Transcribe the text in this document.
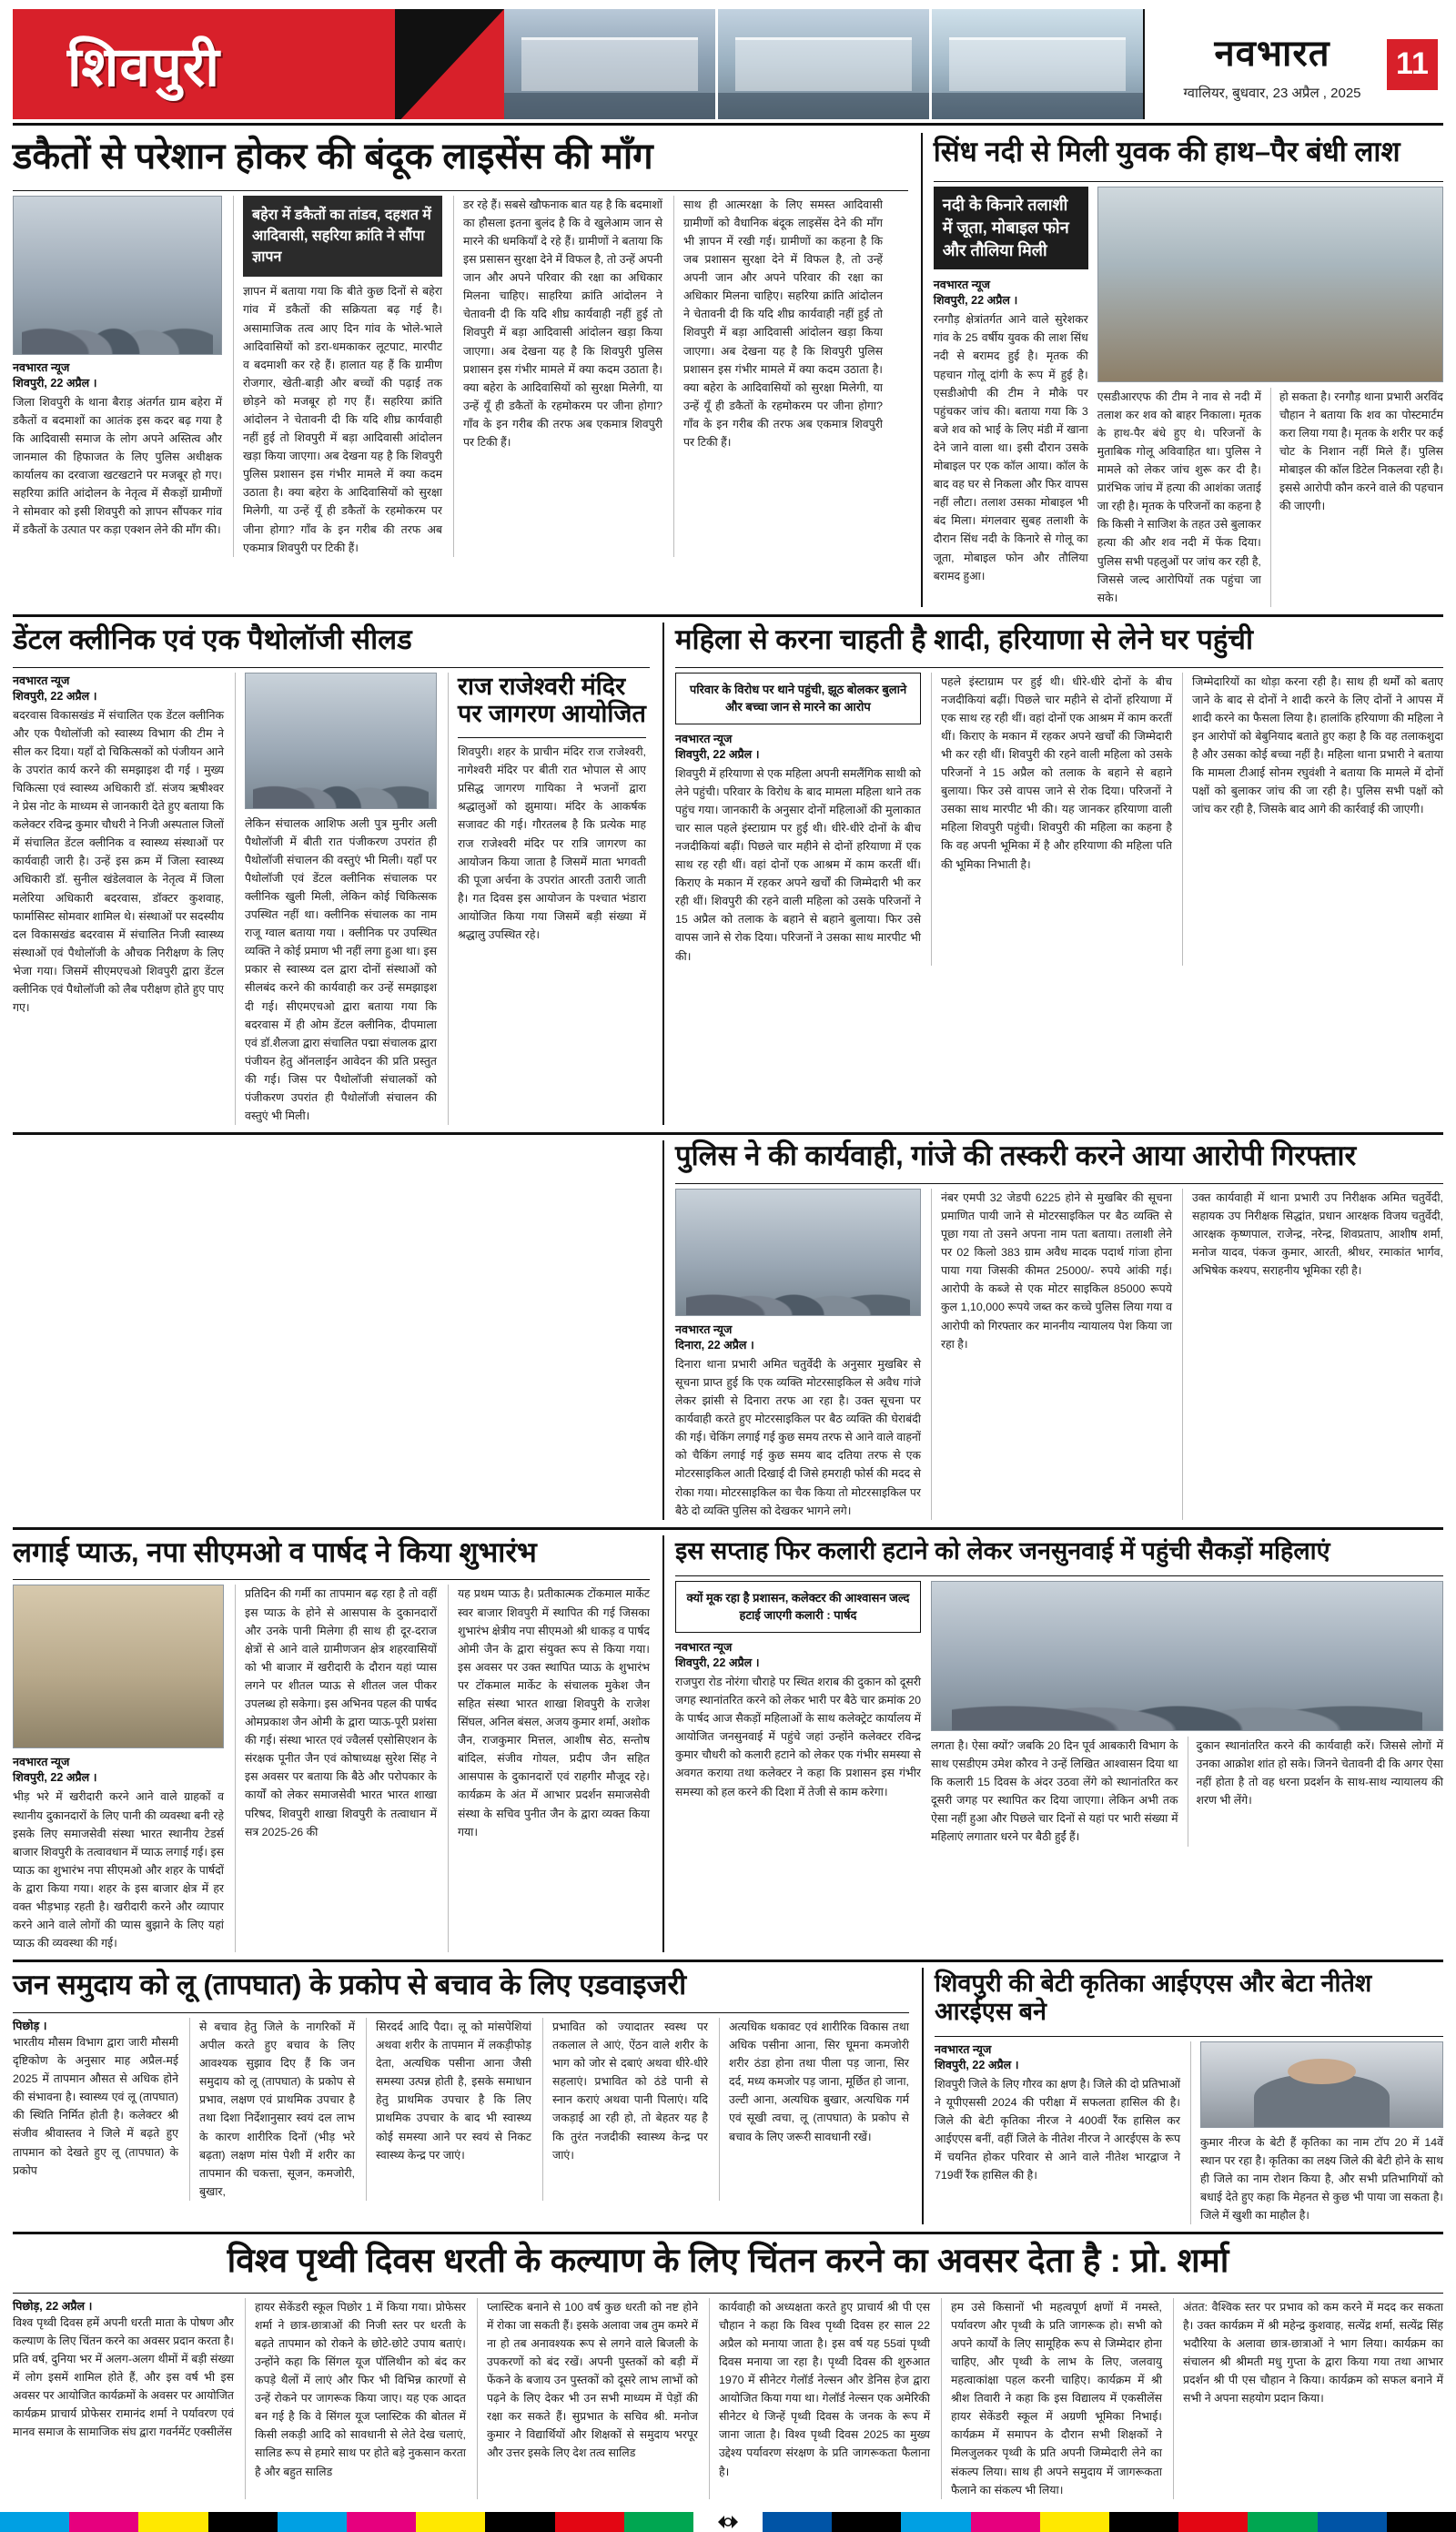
शिवपुरी	नवभारत
ग्वालियर, बुधवार, 23 अप्रैल , 2025
11
डकैतों से परेशान होकर की बंदूक लाइसेंस की माँग
नवभारत न्यूज
शिवपुरी, 22 अप्रैल ।
जिला शिवपुरी के थाना बैराड़ अंतर्गत ग्राम बहेरा में डकैतों व बदमाशों का आतंक इस कदर बढ़ गया है कि आदिवासी समाज के लोग अपने अस्तित्व और जानमाल की हिफाजत के लिए पुलिस अधीक्षक कार्यालय का दरवाजा खटखटाने पर मजबूर हो गए। सहरिया क्रांति आंदोलन के नेतृत्व में सैकड़ों ग्रामीणों ने सोमवार को इसी शिवपुरी को ज्ञापन सौंपकर गांव में डकैतों के उत्पात पर कड़ा एक्शन लेने की माँग की।
बहेरा में डकैतों का तांडव, दहशत में आदिवासी, सहरिया क्रांति ने सौंपा ज्ञापन
ज्ञापन में बताया गया कि बीते कुछ दिनों से बहेरा गांव में डकैतों की सक्रियता बढ़ गई है। असामाजिक तत्व आए दिन गांव के भोले-भाले आदिवासियों को डरा-धमकाकर लूटपाट, मारपीट व बदमाशी कर रहे हैं। हालात यह हैं कि ग्रामीण रोजगार, खेती-बाड़ी और बच्चों की पढ़ाई तक छोड़ने को मजबूर हो गए हैं। सहरिया क्रांति आंदोलन ने चेतावनी दी कि यदि शीघ्र कार्यवाही नहीं हुई तो शिवपुरी में बड़ा आदिवासी आंदोलन खड़ा किया जाएगा। अब देखना यह है कि शिवपुरी पुलिस प्रशासन इस गंभीर मामले में क्या कदम उठाता है। क्या बहेरा के आदिवासियों को सुरक्षा मिलेगी, या उन्हें यूँ ही डकैतों के रहमोकरम पर जीना होगा? गाँव के इन गरीब की तरफ अब एकमात्र शिवपुरी पर टिकी हैं।
डर रहे हैं। सबसे खौफनाक बात यह है कि बदमाशों का हौसला इतना बुलंद है कि वे खुलेआम जान से मारने की धमकियाँ दे रहे हैं। ग्रामीणों ने बताया कि इस प्रसासन सुरक्षा देने में विफल है, तो उन्हें अपनी जान और अपने परिवार की रक्षा का अधिकार मिलना चाहिए। साहरिया क्रांति आंदोलन ने चेतावनी दी कि यदि शीघ्र कार्यवाही नहीं हुई तो शिवपुरी में बड़ा आदिवासी आंदोलन खड़ा किया जाएगा। अब देखना यह है कि शिवपुरी पुलिस प्रशासन इस गंभीर मामले में क्या कदम उठाता है। क्या बहेरा के आदिवासियों को सुरक्षा मिलेगी, या उन्हें यूँ ही डकैतों के रहमोकरम पर जीना होगा? गाँव के इन गरीब की तरफ अब एकमात्र शिवपुरी पर टिकी हैं।
साथ ही आत्मरक्षा के लिए समस्त आदिवासी ग्रामीणों को वैधानिक बंदूक लाइसेंस देने की माँग भी ज्ञापन में रखी गई। ग्रामीणों का कहना है कि जब प्रशासन सुरक्षा देने में विफल है, तो उन्हें अपनी जान और अपने परिवार की रक्षा का अधिकार मिलना चाहिए। सहरिया क्रांति आंदोलन ने चेतावनी दी कि यदि शीघ्र कार्यवाही नहीं हुई तो शिवपुरी में बड़ा आदिवासी आंदोलन खड़ा किया जाएगा। अब देखना यह है कि शिवपुरी पुलिस प्रशासन इस गंभीर मामले में क्या कदम उठाता है। क्या बहेरा के आदिवासियों को सुरक्षा मिलेगी, या उन्हें यूँ ही डकैतों के रहमोकरम पर जीना होगा? गाँव के इन गरीब की तरफ अब एकमात्र शिवपुरी पर टिकी हैं।
सिंध नदी से मिली युवक की हाथ–पैर बंधी लाश
नदी के किनारे तलाशी में जूता, मोबाइल फोन और तौलिया मिली
नवभारत न्यूज
शिवपुरी, 22 अप्रैल ।
रनगौड़ क्षेत्रांतर्गत आने वाले सुरेशकर गांव के 25 वर्षीय युवक की लाश सिंध नदी से बरामद हुई है। मृतक की पहचान गोलू दांगी के रूप में हुई है। एसडीओपी की टीम ने मौके पर पहुंचकर जांच की। बताया गया कि 3 बजे शव को भाई के लिए मंडी में खाना देने जाने वाला था। इसी दौरान उसके मोबाइल पर एक कॉल आया। कॉल के बाद वह घर से निकला और फिर वापस नहीं लौटा। तलाश उसका मोबाइल भी बंद मिला। मंगलवार सुबह तलाशी के दौरान सिंध नदी के किनारे से गोलू का जूता, मोबाइल फोन और तौलिया बरामद हुआ।
एसडीआरएफ की टीम ने नाव से नदी में तलाश कर शव को बाहर निकाला। मृतक के हाथ-पैर बंधे हुए थे। परिजनों के मुताबिक गोलू अविवाहित था। पुलिस ने मामले को लेकर जांच शुरू कर दी है। प्रारंभिक जांच में हत्या की आशंका जताई जा रही है। मृतक के परिजनों का कहना है कि किसी ने साजिश के तहत उसे बुलाकर हत्या की और शव नदी में फेंक दिया। पुलिस सभी पहलुओं पर जांच कर रही है, जिससे जल्द आरोपियों तक पहुंचा जा सके।
हो सकता है। रनगौड़ थाना प्रभारी अरविंद चौहान ने बताया कि शव का पोस्टमार्टम करा लिया गया है। मृतक के शरीर पर कई चोट के निशान नहीं मिले हैं। पुलिस मोबाइल की कॉल डिटेल निकलवा रही है। इससे आरोपी कौन करने वाले की पहचान की जाएगी।
डेंटल क्लीनिक एवं एक पैथोलॉजी सीलड
नवभारत न्यूज
शिवपुरी, 22 अप्रैल ।
बदरवास विकासखंड में संचालित एक डेंटल क्लीनिक और एक पैथोलॉजी को स्वास्थ्य विभाग की टीम ने सील कर दिया। यहाँ दो चिकित्सकों को पंजीयन आने के उपरांत कार्य करने की समझाइश दी गई । मुख्य चिकित्सा एवं स्वास्थ्य अधिकारी डॉ. संजय ऋषीश्वर ने प्रेस नोट के माध्यम से जानकारी देते हुए बताया कि कलेक्टर रविन्द्र कुमार चौधरी ने निजी अस्पताल जिलों में संचालित डेंटल क्लीनिक व स्वास्थ्य संस्थाओं पर कार्यवाही जारी है। उन्हें इस क्रम में जिला स्वास्थ्य अधिकारी डॉ. सुनील खंडेलवाल के नेतृत्व में जिला मलेरिया अधिकारी बदरवास, डॉक्टर कुशवाह, फार्मासिस्ट सोमवार शामिल थे। संस्थाओं पर सदस्यीय दल विकासखंड बदरवास में संचालित निजी स्वास्थ्य संस्थाओं एवं पैथोलॉजी के औचक निरीक्षण के लिए भेजा गया। जिसमें सीएमएचओ शिवपुरी द्वारा डेंटल क्लीनिक एवं पैथोलॉजी को लैब परीक्षण होते हुए पाए गए।
लेकिन संचालक आशिफ अली पुत्र मुनीर अली पैथोलॉजी में बीती रात पंजीकरण उपरांत ही पैथोलॉजी संचालन की वस्तुएं भी मिली। यहाँ पर पैथोलॉजी एवं डेंटल क्लीनिक संचालक पर क्लीनिक खुली मिली, लेकिन कोई चिकित्सक उपस्थित नहीं था। क्लीनिक संचालक का नाम राजू ग्वाल बताया गया । क्लीनिक पर उपस्थित व्यक्ति ने कोई प्रमाण भी नहीं लगा हुआ था। इस प्रकार से स्वास्थ्य दल द्वारा दोनों संस्थाओं को सीलबंद करने की कार्यवाही कर उन्हें समझाइश दी गई। सीएमएचओ द्वारा बताया गया कि बदरवास में ही ओम डेंटल क्लीनिक, दीपमाला एवं डॉ.शैलजा द्वारा संचालित पद्मा संचालक द्वारा पंजीयन हेतु ऑनलाईन आवेदन की प्रति प्रस्तुत की गई। जिस पर पैथोलॉजी संचालकों को पंजीकरण उपरांत ही पैथोलॉजी संचालन की वस्तुएं भी मिली।
राज राजेश्वरी मंदिर पर जागरण आयोजित
शिवपुरी। शहर के प्राचीन मंदिर राज राजेश्वरी, नागेश्वरी मंदिर पर बीती रात भोपाल से आए प्रसिद्ध जागरण गायिका ने भजनों द्वारा श्रद्धालुओं को झुमाया। मंदिर के आकर्षक सजावट की गई। गौरतलब है कि प्रत्येक माह राज राजेश्वरी मंदिर पर रात्रि जागरण का आयोजन किया जाता है जिसमें माता भगवती की पूजा अर्चना के उपरांत आरती उतारी जाती है। गत दिवस इस आयोजन के पश्चात भंडारा आयोजित किया गया जिसमें बड़ी संख्या में श्रद्धालु उपस्थित रहे।
महिला से करना चाहती है शादी, हरियाणा से लेने घर पहुंची
परिवार के विरोध पर थाने पहुंची, झूठ बोलकर बुलाने और बच्चा जान से मारने का आरोप
नवभारत न्यूज
शिवपुरी, 22 अप्रैल ।
शिवपुरी में हरियाणा से एक महिला अपनी समलैंगिक साथी को लेने पहुंची। परिवार के विरोध के बाद मामला महिला थाने तक पहुंच गया। जानकारी के अनुसार दोनों महिलाओं की मुलाकात चार साल पहले इंस्टाग्राम पर हुई थी। धीरे-धीरे दोनों के बीच नजदीकियां बढ़ीं। पिछले चार महीने से दोनों हरियाणा में एक साथ रह रही थीं। वहां दोनों एक आश्रम में काम करतीं थीं। किराए के मकान में रहकर अपने खर्चों की जिम्मेदारी भी कर रही थीं। शिवपुरी की रहने वाली महिला को उसके परिजनों ने 15 अप्रैल को तलाक के बहाने से बहाने बुलाया। फिर उसे वापस जाने से रोक दिया। परिजनों ने उसका साथ मारपीट भी की।
पहले इंस्टाग्राम पर हुई थी। धीरे-धीरे दोनों के बीच नजदीकियां बढ़ीं। पिछले चार महीने से दोनों हरियाणा में एक साथ रह रही थीं। वहां दोनों एक आश्रम में काम करतीं थीं। किराए के मकान में रहकर अपने खर्चों की जिम्मेदारी भी कर रही थीं। शिवपुरी की रहने वाली महिला को उसके परिजनों ने 15 अप्रैल को तलाक के बहाने से बहाने बुलाया। फिर उसे वापस जाने से रोक दिया। परिजनों ने उसका साथ मारपीट भी की। यह जानकर हरियाणा वाली महिला शिवपुरी पहुंची। शिवपुरी की महिला का कहना है कि वह अपनी भूमिका में है और हरियाणा की महिला पति की भूमिका निभाती है।
जिम्मेदारियों का थोड़ा करना रही है। साथ ही थर्मों को बताए जाने के बाद से दोनों ने शादी करने के लिए दोनों ने आपस में शादी करने का फैसला लिया है। हालांकि हरियाणा की महिला ने इन आरोपों को बेबुनियाद बताते हुए कहा है कि वह तलाकशुदा है और उसका कोई बच्चा नहीं है। महिला थाना प्रभारी ने बताया कि मामला टीआई सोनम रघुवंशी ने बताया कि मामले में दोनों पक्षों को बुलाकर जांच की जा रही है। पुलिस सभी पक्षों को जांच कर रही है, जिसके बाद आगे की कार्रवाई की जाएगी।
पुलिस ने की कार्यवाही, गांजे की तस्करी करने आया आरोपी गिरफ्तार
नवभारत न्यूज
दिनारा, 22 अप्रैल ।
दिनारा थाना प्रभारी अमित चतुर्वेदी के अनुसार मुखबिर से सूचना प्राप्त हुई कि एक व्यक्ति मोटरसाइकिल से अवैध गांजे लेकर झांसी से दिनारा तरफ आ रहा है। उक्त सूचना पर कार्यवाही करते हुए मोटरसाइकिल पर बैठ व्यक्ति की घेराबंदी की गई। चेकिंग लगाई गई कुछ समय तरफ से आने वाले वाहनों को चैकिंग लगाई गई कुछ समय बाद दतिया तरफ से एक मोटरसाइकिल आती दिखाई दी जिसे हमराही फोर्स की मदद से रोका गया। मोटरसाइकिल का चैक किया तो मोटरसाइकिल पर बैठे दो व्यक्ति पुलिस को देखकर भागने लगे।
नंबर एमपी 32 जेडपी 6225 होने से मुखबिर की सूचना प्रमाणित पायी जाने से मोटरसाइकिल पर बैठ व्यक्ति से पूछा गया तो उसने अपना नाम पता बताया। तलाशी लेने पर 02 किलो 383 ग्राम अवैध मादक पदार्थ गांजा होना पाया गया जिसकी कीमत 25000/- रुपये आंकी गई। आरोपी के कब्जे से एक मोटर साइकिल 85000 रूपये कुल 1,10,000 रूपये जब्त कर कच्चे पुलिस लिया गया व आरोपी को गिरफ्तार कर माननीय न्यायालय पेश किया जा रहा है।
उक्त कार्यवाही में थाना प्रभारी उप निरीक्षक अमित चतुर्वेदी, सहायक उप निरीक्षक सिद्धांत, प्रधान आरक्षक विजय चतुर्वेदी, आरक्षक कृष्णपाल, राजेन्द्र, नरेन्द्र, शिवप्रताप, आशीष शर्मा, मनोज यादव, पंकज कुमार, आरती, श्रीधर, रमाकांत भार्गव, अभिषेक कश्यप, सराहनीय भूमिका रही है।
लगाई प्याऊ, नपा सीएमओ व पार्षद ने किया शुभारंभ
नवभारत न्यूज
शिवपुरी, 22 अप्रैल ।
भीड़ भरे में खरीदारी करने आने वाले ग्राहकों व स्थानीय दुकानदारों के लिए पानी की व्यवस्था बनी रहे इसके लिए समाजसेवी संस्था भारत स्थानीय टेडर्स बाजार शिवपुरी के तत्वावधान में प्याऊ लगाई गई। इस प्याऊ का शुभारंभ नपा सीएमओ और शहर के पार्षदों के द्वारा किया गया। शहर के इस बाजार क्षेत्र में हर वक्त भीड़भाड़ रहती है। खरीदारी करने और व्यापार करने आने वाले लोगों की प्यास बुझाने के लिए यहां प्याऊ की व्यवस्था की गई।
प्रतिदिन की गर्मी का तापमान बढ़ रहा है तो वहीं इस प्याऊ के होने से आसपास के दुकानदारों और उनके पानी मिलेगा ही साथ ही दूर-दराज क्षेत्रों से आने वाले ग्रामीणजन क्षेत्र शहरवासियों को भी बाजार में खरीदारी के दौरान यहां प्यास लगने पर शीतल प्याऊ से शीतल जल पीकर उपलब्ध हो सकेगा। इस अभिनव पहल की पार्षद ओमप्रकाश जैन ओमी के द्वारा प्याऊ-पूरी प्रशंसा की गई। संस्था भारत एवं ज्वैलर्स एसोसिएशन के संरक्षक पूनीत जैन एवं कोषाध्यक्ष सुरेश सिंह ने इस अवसर पर बताया कि बैठे और परोपकार के कार्यों को लेकर समाजसेवी भारत भारत शाखा परिषद, शिवपुरी शाखा शिवपुरी के तत्वाधान में सत्र 2025-26 की
यह प्रथम प्याऊ है। प्रतीकात्मक टोंकमाल मार्केट स्वर बाजार शिवपुरी में स्थापित की गई जिसका शुभारंभ क्षेत्रीय नपा सीएमओ श्री धाकड़ व पार्षद ओमी जैन के द्वारा संयुक्त रूप से किया गया। इस अवसर पर उक्त स्थापित प्याऊ के शुभारंभ पर टोंकमाल मार्केट के संचालक मुकेश जैन सहित संस्था भारत शाखा शिवपुरी के राजेश सिंघल, अनिल बंसल, अजय कुमार शर्मा, अशोक जैन, राजकुमार मित्तल, आशीष सेठ, सन्तोष बांदिल, संजीव गोयल, प्रदीप जैन सहित आसपास के दुकानदारों एवं राहगीर मौजूद रहे। कार्यक्रम के अंत में आभार प्रदर्शन समाजसेवी संस्था के सचिव पुनीत जैन के द्वारा व्यक्त किया गया।
इस सप्ताह फिर कलारी हटाने को लेकर जनसुनवाई में पहुंची सैकड़ों महिलाएं
क्यों मूक रहा है प्रशासन, कलेक्टर की आश्वासन जल्द हटाई जाएगी कलारी : पार्षद
नवभारत न्यूज
शिवपुरी, 22 अप्रैल ।
राजपुरा रोड नोरंगा चौराहे पर स्थित शराब की दुकान को दूसरी जगह स्थानांतरित करने को लेकर भारी पर बैठे चार क्रमांक 20 के पार्षद आज सैकड़ों महिलाओं के साथ कलेक्ट्रेट कार्यालय में आयोजित जनसुनवाई में पहुंचे जहां उन्होंने कलेक्टर रविन्द्र कुमार चौधरी को कलारी हटाने को लेकर एक गंभीर समस्या से अवगत कराया तथा कलेक्टर ने कहा कि प्रशासन इस गंभीर समस्या को हल करने की दिशा में तेजी से काम करेगा।
लगता है। ऐसा क्यों? जबकि 20 दिन पूर्व आबकारी विभाग के साथ एसडीएम उमेश कौरव ने उन्हें लिखित आश्वासन दिया था कि कलारी 15 दिवस के अंदर उठवा लेंगे को स्थानांतरित कर दूसरी जगह पर स्थापित कर दिया जाएगा। लेकिन अभी तक ऐसा नहीं हुआ और पिछले चार दिनों से यहां पर भारी संख्या में महिलाएं लगातार धरने पर बैठी हुईं हैं।
दुकान स्थानांतरित करने की कार्यवाही करें। जिससे लोगों में उनका आक्रोश शांत हो सके। जिनने चेतावनी दी कि अगर ऐसा नहीं होता है तो वह धरना प्रदर्शन के साथ-साथ न्यायालय की शरण भी लेंगे।
जन समुदाय को लू (तापघात) के प्रकोप से बचाव के लिए एडवाइजरी
पिछोड़ ।
भारतीय मौसम विभाग द्वारा जारी मौसमी दृष्टिकोण के अनुसार माह अप्रैल-मई 2025 में तापमान औसत से अधिक होने की संभावना है। स्वास्थ्य एवं लू (तापघात) की स्थिति निर्मित होती है। कलेक्टर श्री संजीव श्रीवास्तव ने जिले में बढ़ते हुए तापमान को देखते हुए लू (तापघात) के प्रकोप
से बचाव हेतु जिले के नागरिकों में अपील करते हुए बचाव के लिए आवश्यक सुझाव दिए हैं कि जन समुदाय को लू (तापघात) के प्रकोप से प्रभाव, लक्षण एवं प्राथमिक उपचार है तथा दिशा निर्देशानुसार स्वयं दल लाभ के कारण शारीरिक दिनों (भीड़ भरे बढ़ता) लक्षण मांस पेशी में शरीर का तापमान की चकत्ता, सूजन, कमजोरी, बुखार,
सिरदर्द आदि पैदा। लू को मांसपेशियां अथवा शरीर के तापमान में लकड़ीफोड़ देता, अत्यधिक पसीना आना जैसी समस्या उत्पन्न होती है, इसके समाधान हेतु प्राथमिक उपचार है कि लिए प्राथमिक उपचार के बाद भी स्वास्थ्य कोई समस्या आने पर स्वयं से निकट स्वास्थ्य केन्द्र पर जाएं।
प्रभावित को ज्यादातर स्वस्थ पर तकलाल ले आएं, ऐंठन वाले शरीर के भाग को जोर से दबाएं अथवा धीरे-धीरे सहलाएं। प्रभावित को ठंडे पानी से स्नान कराएं अथवा पानी पिलाएं। यदि जकड़ाई आ रही हो, तो बेहतर यह है कि तुरंत नजदीकी स्वास्थ्य केन्द्र पर जाएं।
अत्यधिक थकावट एवं शारीरिक विकास तथा अधिक पसीना आना, सिर घूमना कमजोरी शरीर ठंडा होना तथा पीला पड़ जाना, सिर दर्द, मध्य कमजोर पड़ जाना, मूर्छित हो जाना, उल्टी आना, अत्यधिक बुखार, अत्यधिक गर्म एवं सूखी त्वचा, लू (तापघात) के प्रकोप से बचाव के लिए जरूरी सावधानी रखें।
शिवपुरी की बेटी कृतिका आईएएस और बेटा नीतेश आरईएस बने
नवभारत न्यूज
शिवपुरी, 22 अप्रैल ।
शिवपुरी जिले के लिए गौरव का क्षण है। जिले की दो प्रतिभाओं ने यूपीएससी 2024 की परीक्षा में सफलता हासिल की है। जिले की बेटी कृतिका नीरज ने 400वीं रैंक हासिल कर आईएएस बनीं, वहीं जिले के नीतेश नीरज ने आरईएस के रूप में चयनित होकर परिवार से आने वाले नीतेश भारद्वाज ने 719वीं रैंक हासिल की है।
कुमार नीरज के बेटी हैं कृतिका का नाम टॉप 20 में 14वें स्थान पर रहा है। कृतिका का लक्ष्य जिले की बेटी होने के साथ ही जिले का नाम रोशन किया है, और सभी प्रतिभागियों को बधाई देते हुए कहा कि मेहनत से कुछ भी पाया जा सकता है। जिले में खुशी का माहौल है।
विश्व पृथ्वी दिवस धरती के कल्याण के लिए चिंतन करने का अवसर देता है : प्रो. शर्मा
पिछोड़, 22 अप्रैल ।
विश्व पृथ्वी दिवस हमें अपनी धरती माता के पोषण और कल्याण के लिए चिंतन करने का अवसर प्रदान करता है। प्रति वर्ष, दुनिया भर में अलग-अलग थीमों में बड़ी संख्या में लोग इसमें शामिल होते हैं, और इस वर्ष भी इस अवसर पर आयोजित कार्यक्रमों के अवसर पर आयोजित कार्यक्रम प्राचार्य प्रोफेसर रामानंद शर्मा ने पर्यावरण एवं मानव समाज के सामाजिक संघ द्वारा गवर्नमेंट एक्सीलेंस
हायर सेकेंडरी स्कूल पिछोर 1 में किया गया। प्रोफेसर शर्मा ने छात्र-छात्राओं की निजी स्तर पर धरती के बढ़ते तापमान को रोकने के छोटे-छोटे उपाय बताएं। उन्होंने कहा कि सिंगल यूज पॉलिथीन को बंद कर कपड़े थैलों में लाएं और फिर भी विभिन्न कारणों से उन्हें रोकने पर जागरूक किया जाए। यह एक आदत बन गई है कि वे सिंगल यूज प्लास्टिक की बोतल में किसी लकड़ी आदि को सावधानी से लेते देख चलाएं, सालिड रूप से हमारे साथ पर होते बड़े नुकसान करता है और बहुत सालिड
प्लास्टिक बनाने से 100 वर्ष कुछ धरती को नष्ट होने में रोका जा सकती हैं। इसके अलावा जब तुम कमरे में ना हो तब अनावश्यक रूप से लगने वाले बिजली के उपकरणों को बंद रखें। अपनी पुस्तकों को बड़ी में फेंकने के बजाय उन पुस्तकों को दूसरे लाभ लाभों को पढ़ने के लिए देकर भी उन सभी माध्यम में पेड़ों की रक्षा कर सकते हैं। सुप्रभात के सचिव श्री. मनोज कुमार ने विद्यार्थियों और शिक्षकों से समुदाय भरपूर और उत्तर इसके लिए देश तत्व सालिड
कार्यवाही को अध्यक्षता करते हुए प्राचार्य श्री पी एस चौहान ने कहा कि विश्व पृथ्वी दिवस हर साल 22 अप्रैल को मनाया जाता है। इस वर्ष यह 55वां पृथ्वी दिवस मनाया जा रहा है। पृथ्वी दिवस की शुरुआत 1970 में सीनेटर गेलॉर्ड नेल्सन और डेनिस हेज द्वारा आयोजित किया गया था। गेलॉर्ड नेल्सन एक अमेरिकी सीनेटर थे जिन्हें पृथ्वी दिवस के जनक के रूप में जाना जाता है। विश्व पृथ्वी दिवस 2025 का मुख्य उद्देश्य पर्यावरण संरक्षण के प्रति जागरूकता फैलाना है।
हम उसे किसानों भी महत्वपूर्ण क्षणों में नमस्ते, पर्यावरण और पृथ्वी के प्रति जागरूक हो। सभी को अपने कार्यों के लिए सामूहिक रूप से जिम्मेदार होना चाहिए, और पृथ्वी के लाभ के लिए, जलवायु महत्वाकांक्षा पहल करनी चाहिए। कार्यक्रम में श्री श्रीश तिवारी ने कहा कि इस विद्यालय में एकसीलेंस हायर सेकेंडरी स्कूल में अग्रणी भूमिका निभाई। कार्यक्रम में समापन के दौरान सभी शिक्षकों ने मिलजुलकर पृथ्वी के प्रति अपनी जिम्मेदारी लेने का संकल्प लिया। साथ ही अपने समुदाय में जागरूकता फैलाने का संकल्प भी लिया।
अंतत: वैश्विक स्तर पर प्रभाव को कम करने में मदद कर सकता है। उक्त कार्यक्रम में श्री महेन्द्र कुशवाह, सत्येंद्र शर्मा, सत्येंद्र सिंह भदौरिया के अलावा छात्र-छात्राओं ने भाग लिया। कार्यक्रम का संचालन श्री श्रीमती मधु गुप्ता के द्वारा किया गया तथा आभार प्रदर्शन श्री पी एस चौहान ने किया। कार्यक्रम को सफल बनाने में सभी ने अपना सहयोग प्रदान किया।
